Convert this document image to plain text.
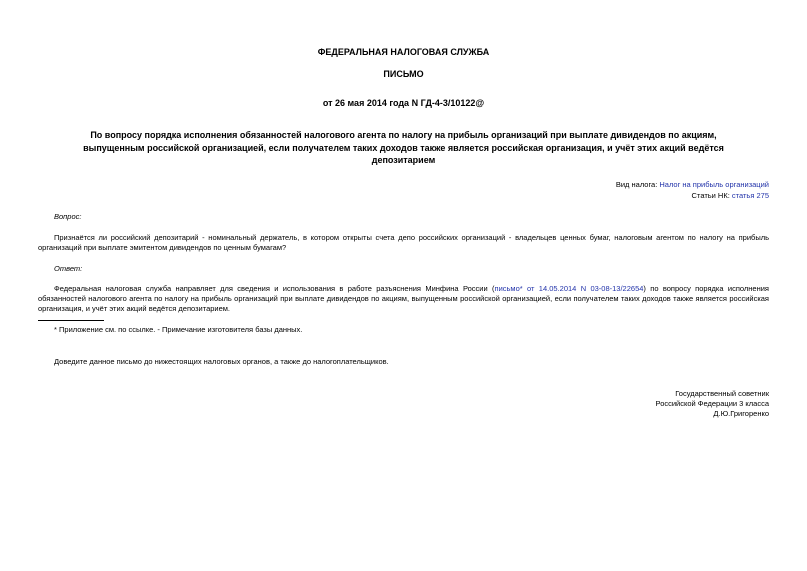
ФЕДЕРАЛЬНАЯ НАЛОГОВАЯ СЛУЖБА
ПИСЬМО
от 26 мая 2014 года N ГД-4-3/10122@
По вопросу порядка исполнения обязанностей налогового агента по налогу на прибыль организаций при выплате дивидендов по акциям, выпущенным российской организацией, если получателем таких доходов также является российская организация, и учёт этих акций ведётся депозитарием
Вид налога: Налог на прибыль организаций
Статьи НК: статья 275
Вопрос:
Признаётся ли российский депозитарий - номинальный держатель, в котором открыты счета депо российских организаций - владельцев ценных бумаг, налоговым агентом по налогу на прибыль организаций при выплате эмитентом дивидендов по ценным бумагам?
Ответ:
Федеральная налоговая служба направляет для сведения и использования в работе разъяснения Минфина России (письмо* от 14.05.2014 N 03-08-13/22654) по вопросу порядка исполнения обязанностей налогового агента по налогу на прибыль организаций при выплате дивидендов по акциям, выпущенным российской организацией, если получателем таких доходов также является российская организация, и учёт этих акций ведётся депозитарием.
* Приложение см. по ссылке. - Примечание изготовителя базы данных.
Доведите данное письмо до нижестоящих налоговых органов, а также до налогоплательщиков.
Государственный советник
Российской Федерации 3 класса
Д.Ю.Григоренко
